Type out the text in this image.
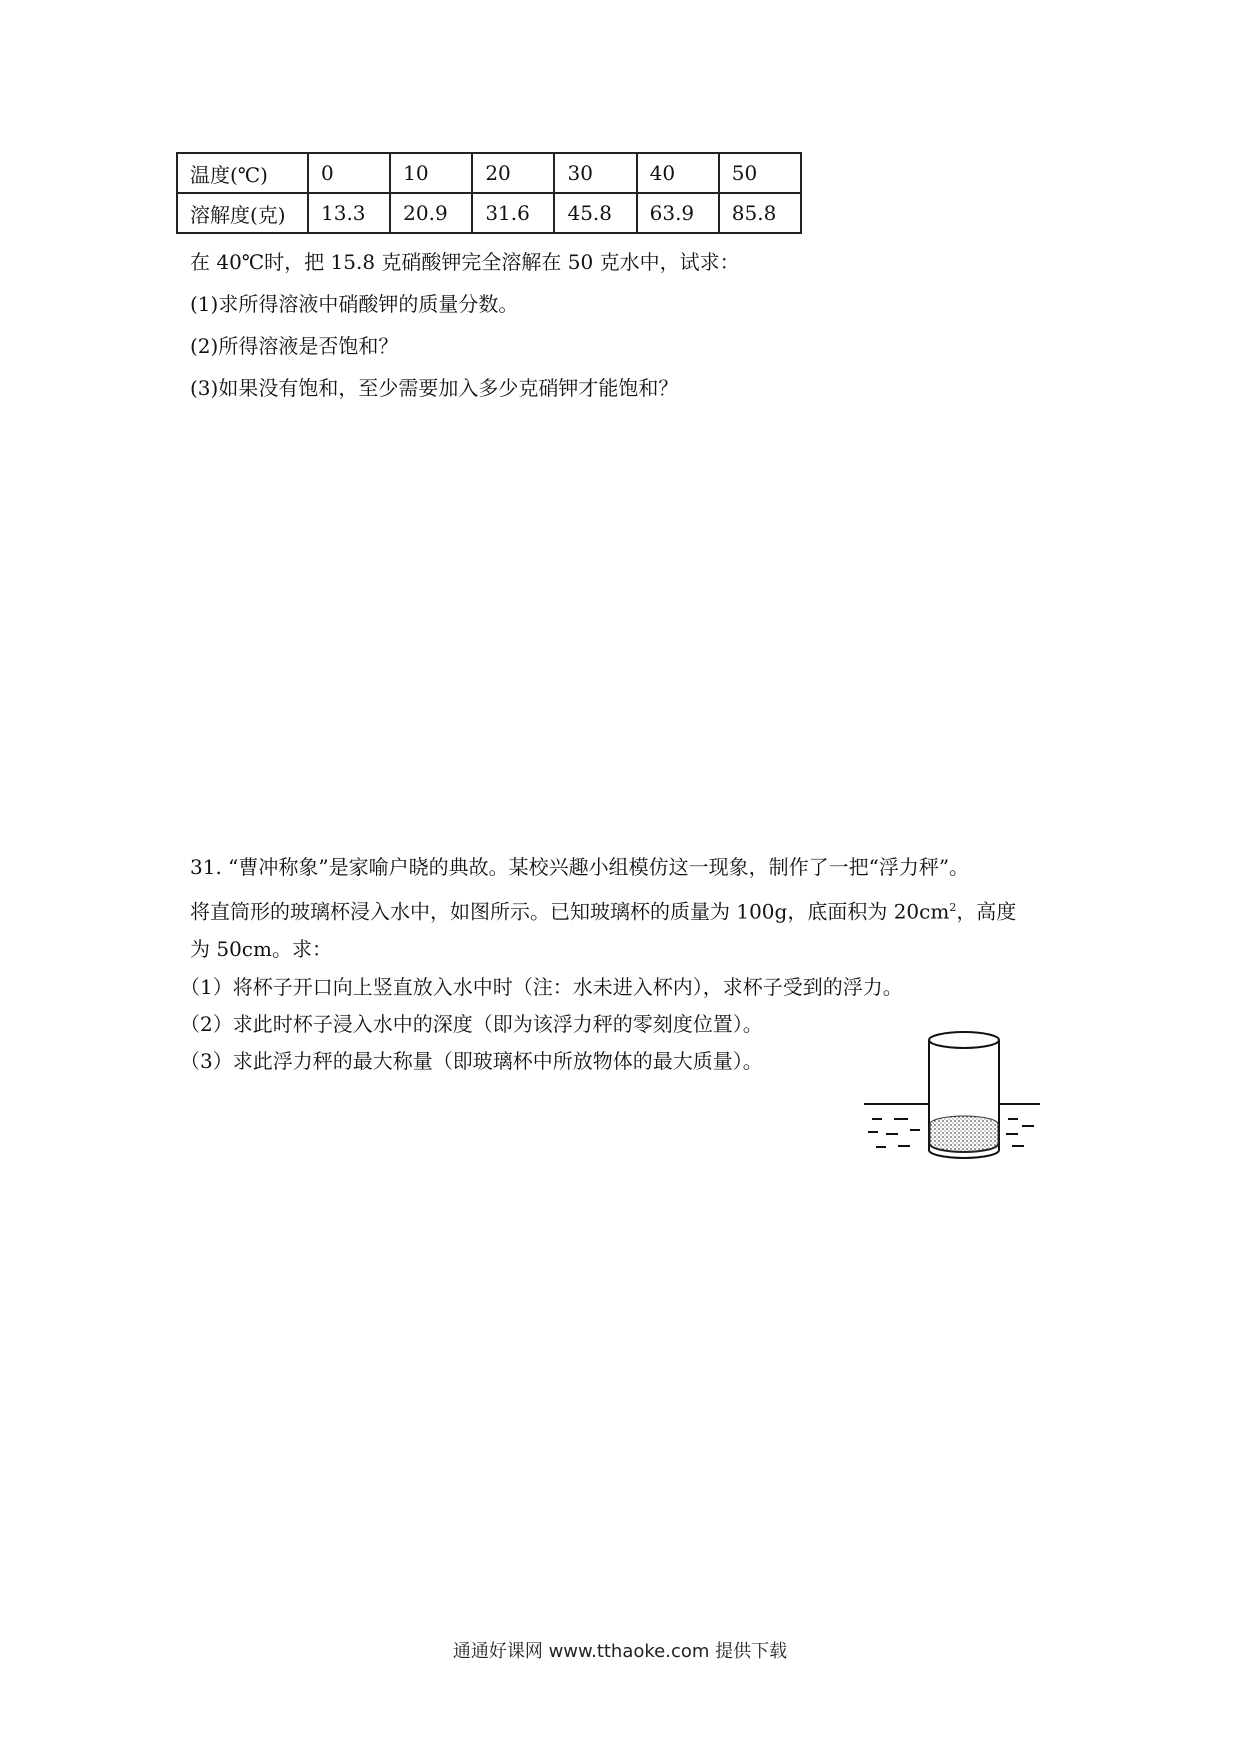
温度(℃)	0	10	20	30	40	50
溶解度(克)	13.3	20.9	31.6	45.8	63.9	85.8
在 40℃时，把 15.8 克硝酸钾完全溶解在 50 克水中，试求：
(1)求所得溶液中硝酸钾的质量分数。
(2)所得溶液是否饱和？
(3)如果没有饱和，至少需要加入多少克硝钾才能饱和？
31. “曹冲称象”是家喻户晓的典故。某校兴趣小组模仿这一现象，制作了一把“浮力秤”。
将直筒形的玻璃杯浸入水中，如图所示。已知玻璃杯的质量为 100g，底面积为 $20cm^2$，高度
为 50cm。求：
（1）将杯子开口向上竖直放入水中时（注：水未进入杯内），求杯子受到的浮力。
（2）求此时杯子浸入水中的深度（即为该浮力秤的零刻度位置）。
（3）求此浮力秤的最大称量（即玻璃杯中所放物体的最大质量）。
通通好课网 www.tthaoke.com 提供下载
